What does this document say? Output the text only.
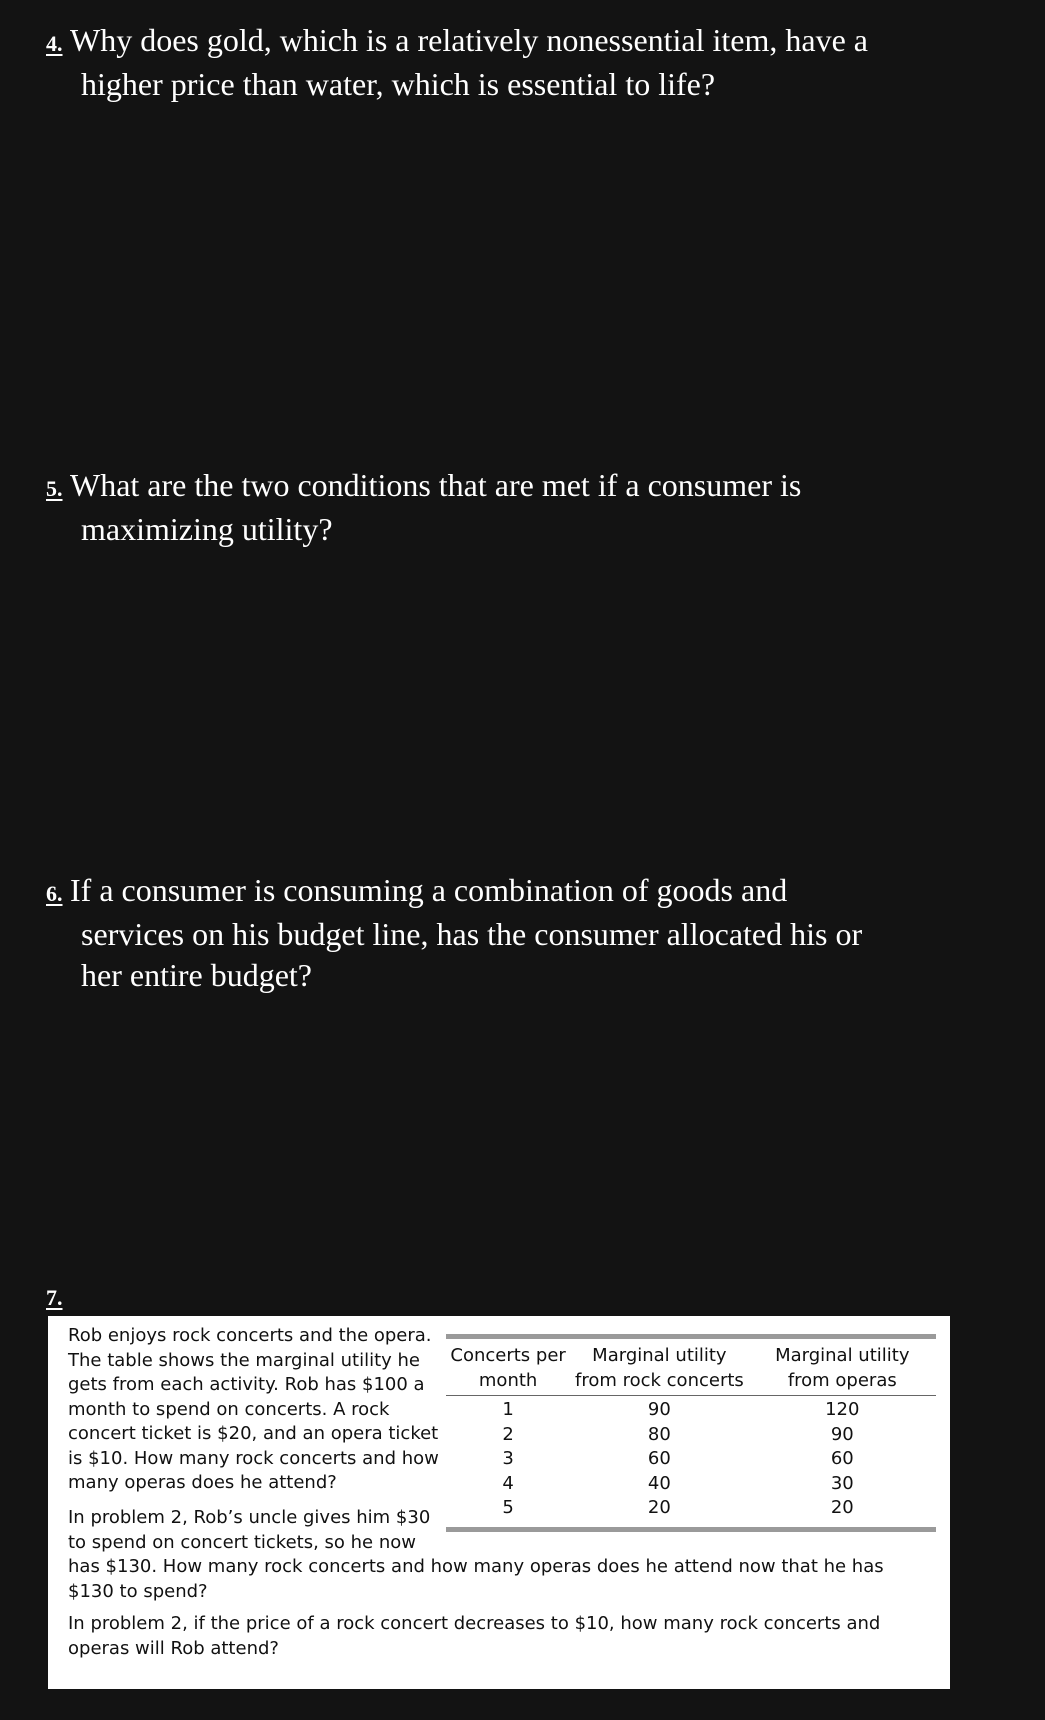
4. Why does gold, which is a relatively nonessential item, have a
higher price than water, which is essential to life?
5. What are the two conditions that are met if a consumer is
maximizing utility?
6. If a consumer is consuming a combination of goods and
services on his budget line, has the consumer allocated his or
her entire budget?
7.
Rob enjoys rock concerts and the opera. The table shows the marginal utility he gets from each activity. Rob has $100 a month to spend on concerts. A rock concert ticket is $20, and an opera ticket is $10. How many rock concerts and how many operas does he attend?
Concerts per month	Marginal utility from rock concerts	Marginal utility from operas
1	90	120
2	80	90
3	60	60
4	40	30
5	20	20
In problem 2, Rob’s uncle gives him $30 to spend on concert tickets, so he now
has $130. How many rock concerts and how many operas does he attend now that he has $130 to spend?
In problem 2, if the price of a rock concert decreases to $10, how many rock concerts and operas will Rob attend?
